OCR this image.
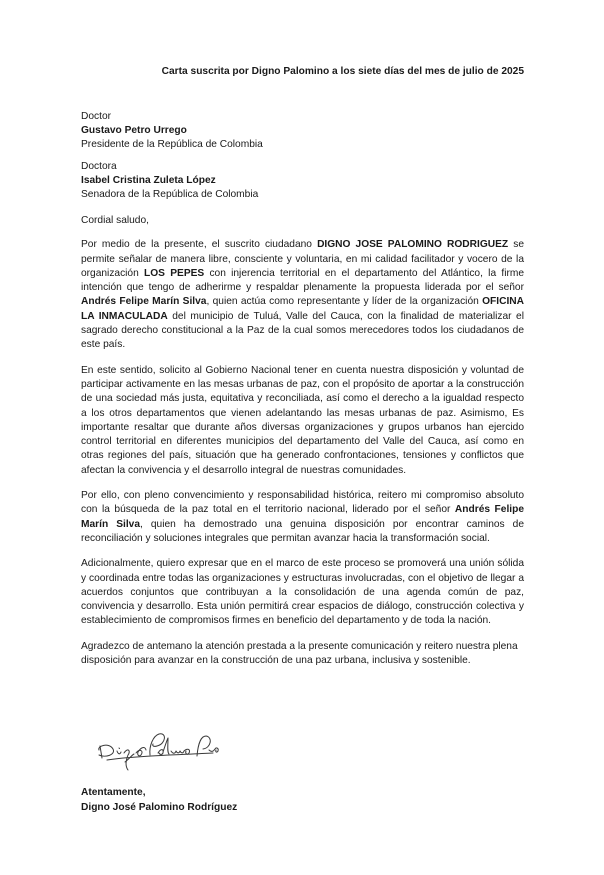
Carta suscrita por Digno Palomino a los siete días del mes de julio de 2025
Doctor
Gustavo Petro Urrego
Presidente de la República de Colombia
Doctora
Isabel Cristina Zuleta López
Senadora de la República de Colombia

Cordial saludo,

Por medio de la presente, el suscrito ciudadano DIGNO JOSE PALOMINO RODRIGUEZ se permite señalar de manera libre, consciente y voluntaria, en mi calidad facilitador y vocero de la organización LOS PEPES con injerencia territorial en el departamento del Atlántico, la firme intención que tengo de adherirme y respaldar plenamente la propuesta liderada por el señor Andrés Felipe Marín Silva, quien actúa como representante y líder de la organización OFICINA LA INMACULADA del municipio de Tuluá, Valle del Cauca, con la finalidad de materializar el sagrado derecho constitucional a la Paz de la cual somos merecedores todos los ciudadanos de este país.

En este sentido, solicito al Gobierno Nacional tener en cuenta nuestra disposición y voluntad de participar activamente en las mesas urbanas de paz, con el propósito de aportar a la construcción de una sociedad más justa, equitativa y reconciliada, así como el derecho a la igualdad respecto a los otros departamentos que vienen adelantando las mesas urbanas de paz. Asimismo, Es importante resaltar que durante años diversas organizaciones y grupos urbanos han ejercido control territorial en diferentes municipios del departamento del Valle del Cauca, así como en otras regiones del país, situación que ha generado confrontaciones, tensiones y conflictos que afectan la convivencia y el desarrollo integral de nuestras comunidades.

Por ello, con pleno convencimiento y responsabilidad histórica, reitero mi compromiso absoluto con la búsqueda de la paz total en el territorio nacional, liderado por el señor Andrés Felipe Marín Silva, quien ha demostrado una genuina disposición por encontrar caminos de reconciliación y soluciones integrales que permitan avanzar hacia la transformación social.

Adicionalmente, quiero expresar que en el marco de este proceso se promoverá una unión sólida y coordinada entre todas las organizaciones y estructuras involucradas, con el objetivo de llegar a acuerdos conjuntos que contribuyan a la consolidación de una agenda común de paz, convivencia y desarrollo. Esta unión permitirá crear espacios de diálogo, construcción colectiva y establecimiento de compromisos firmes en beneficio del departamento y de toda la nación.

Agradezco de antemano la atención prestada a la presente comunicación y reitero nuestra plena disposición para avanzar en la construcción de una paz urbana, inclusiva y sostenible.

Atentamente,
Digno José Palomino Rodríguez
